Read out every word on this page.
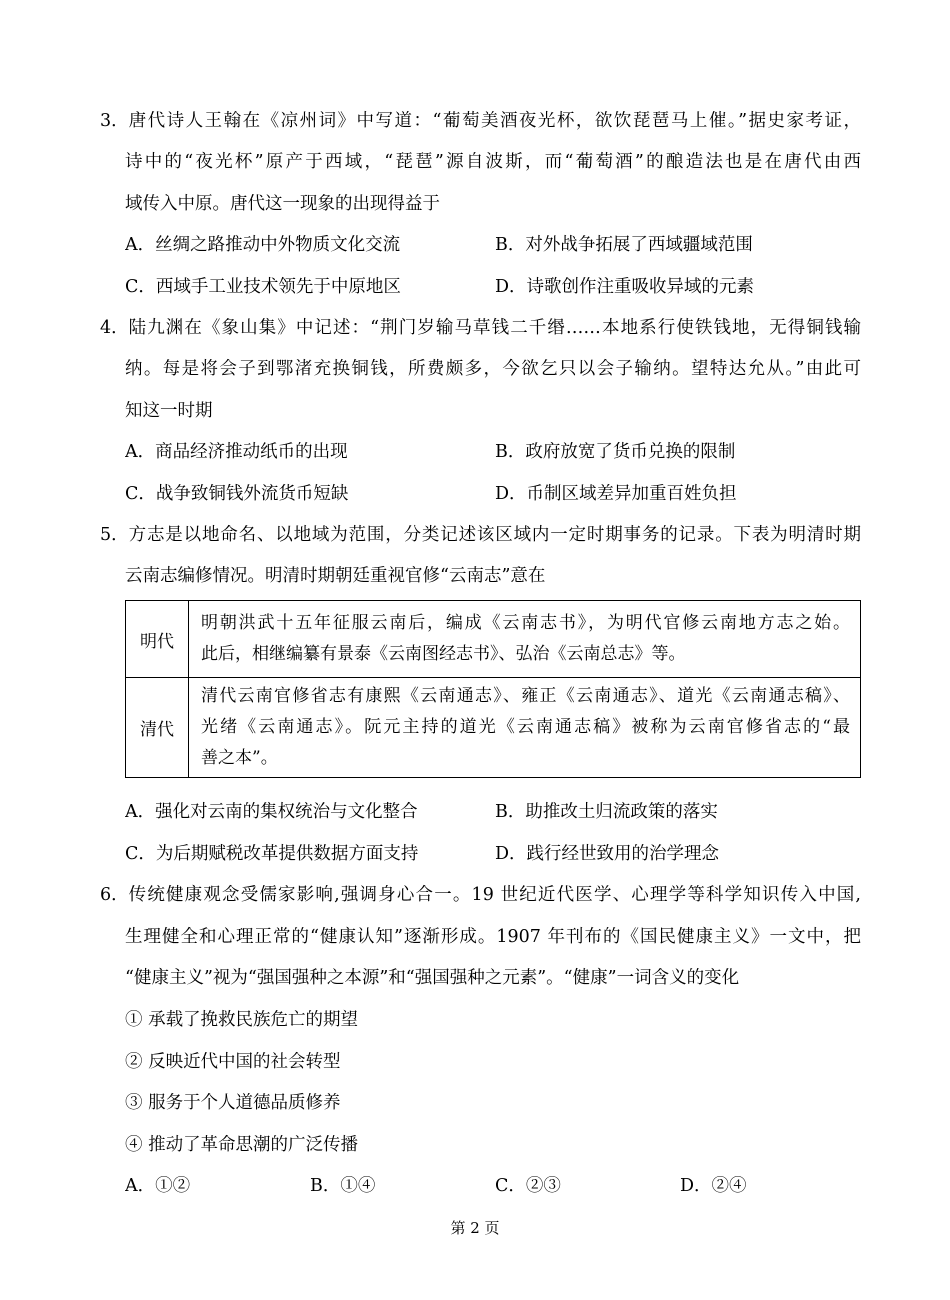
3． 唐代诗人王翰在《凉州词》中写道：“葡萄美酒夜光杯，欲饮琵琶马上催。”据史家考证，
诗中的“夜光杯”原产于西域，“琵琶”源自波斯，而“葡萄酒”的酿造法也是在唐代由西
域传入中原。唐代这一现象的出现得益于
A．丝绸之路推动中外物质文化交流	B．对外战争拓展了西域疆域范围
C．西域手工业技术领先于中原地区	D．诗歌创作注重吸收异域的元素
4． 陆九渊在《象山集》中记述：“荆门岁输马草钱二千缗……本地系行使铁钱地，无得铜钱输
纳。每是将会子到鄂渚充换铜钱，所费颇多，今欲乞只以会子输纳。望特达允从。”由此可
知这一时期
A．商品经济推动纸币的出现	B．政府放宽了货币兑换的限制
C．战争致铜钱外流货币短缺	D．币制区域差异加重百姓负担
5． 方志是以地命名、以地域为范围，分类记述该区域内一定时期事务的记录。下表为明清时期
云南志编修情况。明清时期朝廷重视官修“云南志”意在
明代	明朝洪武十五年征服云南后，编成《云南志书》，为明代官修云南地方志之始。
此后，相继编纂有景泰《云南图经志书》、弘治《云南总志》等。

清代	清代云南官修省志有康熙《云南通志》、雍正《云南通志》、道光《云南通志稿》、
光绪《云南通志》。阮元主持的道光《云南通志稿》被称为云南官修省志的“最
善之本”。
A．强化对云南的集权统治与文化整合	B．助推改土归流政策的落实
C．为后期赋税改革提供数据方面支持	D．践行经世致用的治学理念
6． 传统健康观念受儒家影响,强调身心合一。19 世纪近代医学、心理学等科学知识传入中国,
生理健全和心理正常的“健康认知”逐渐形成。1907 年刊布的《国民健康主义》一文中，把
“健康主义”视为“强国强种之本源”和“强国强种之元素”。“健康”一词含义的变化
① 承载了挽救民族危亡的期望
② 反映近代中国的社会转型
③ 服务于个人道德品质修养
④ 推动了革命思潮的广泛传播
A．①②	B．①④	C．②③	D．②④
第 2 页
